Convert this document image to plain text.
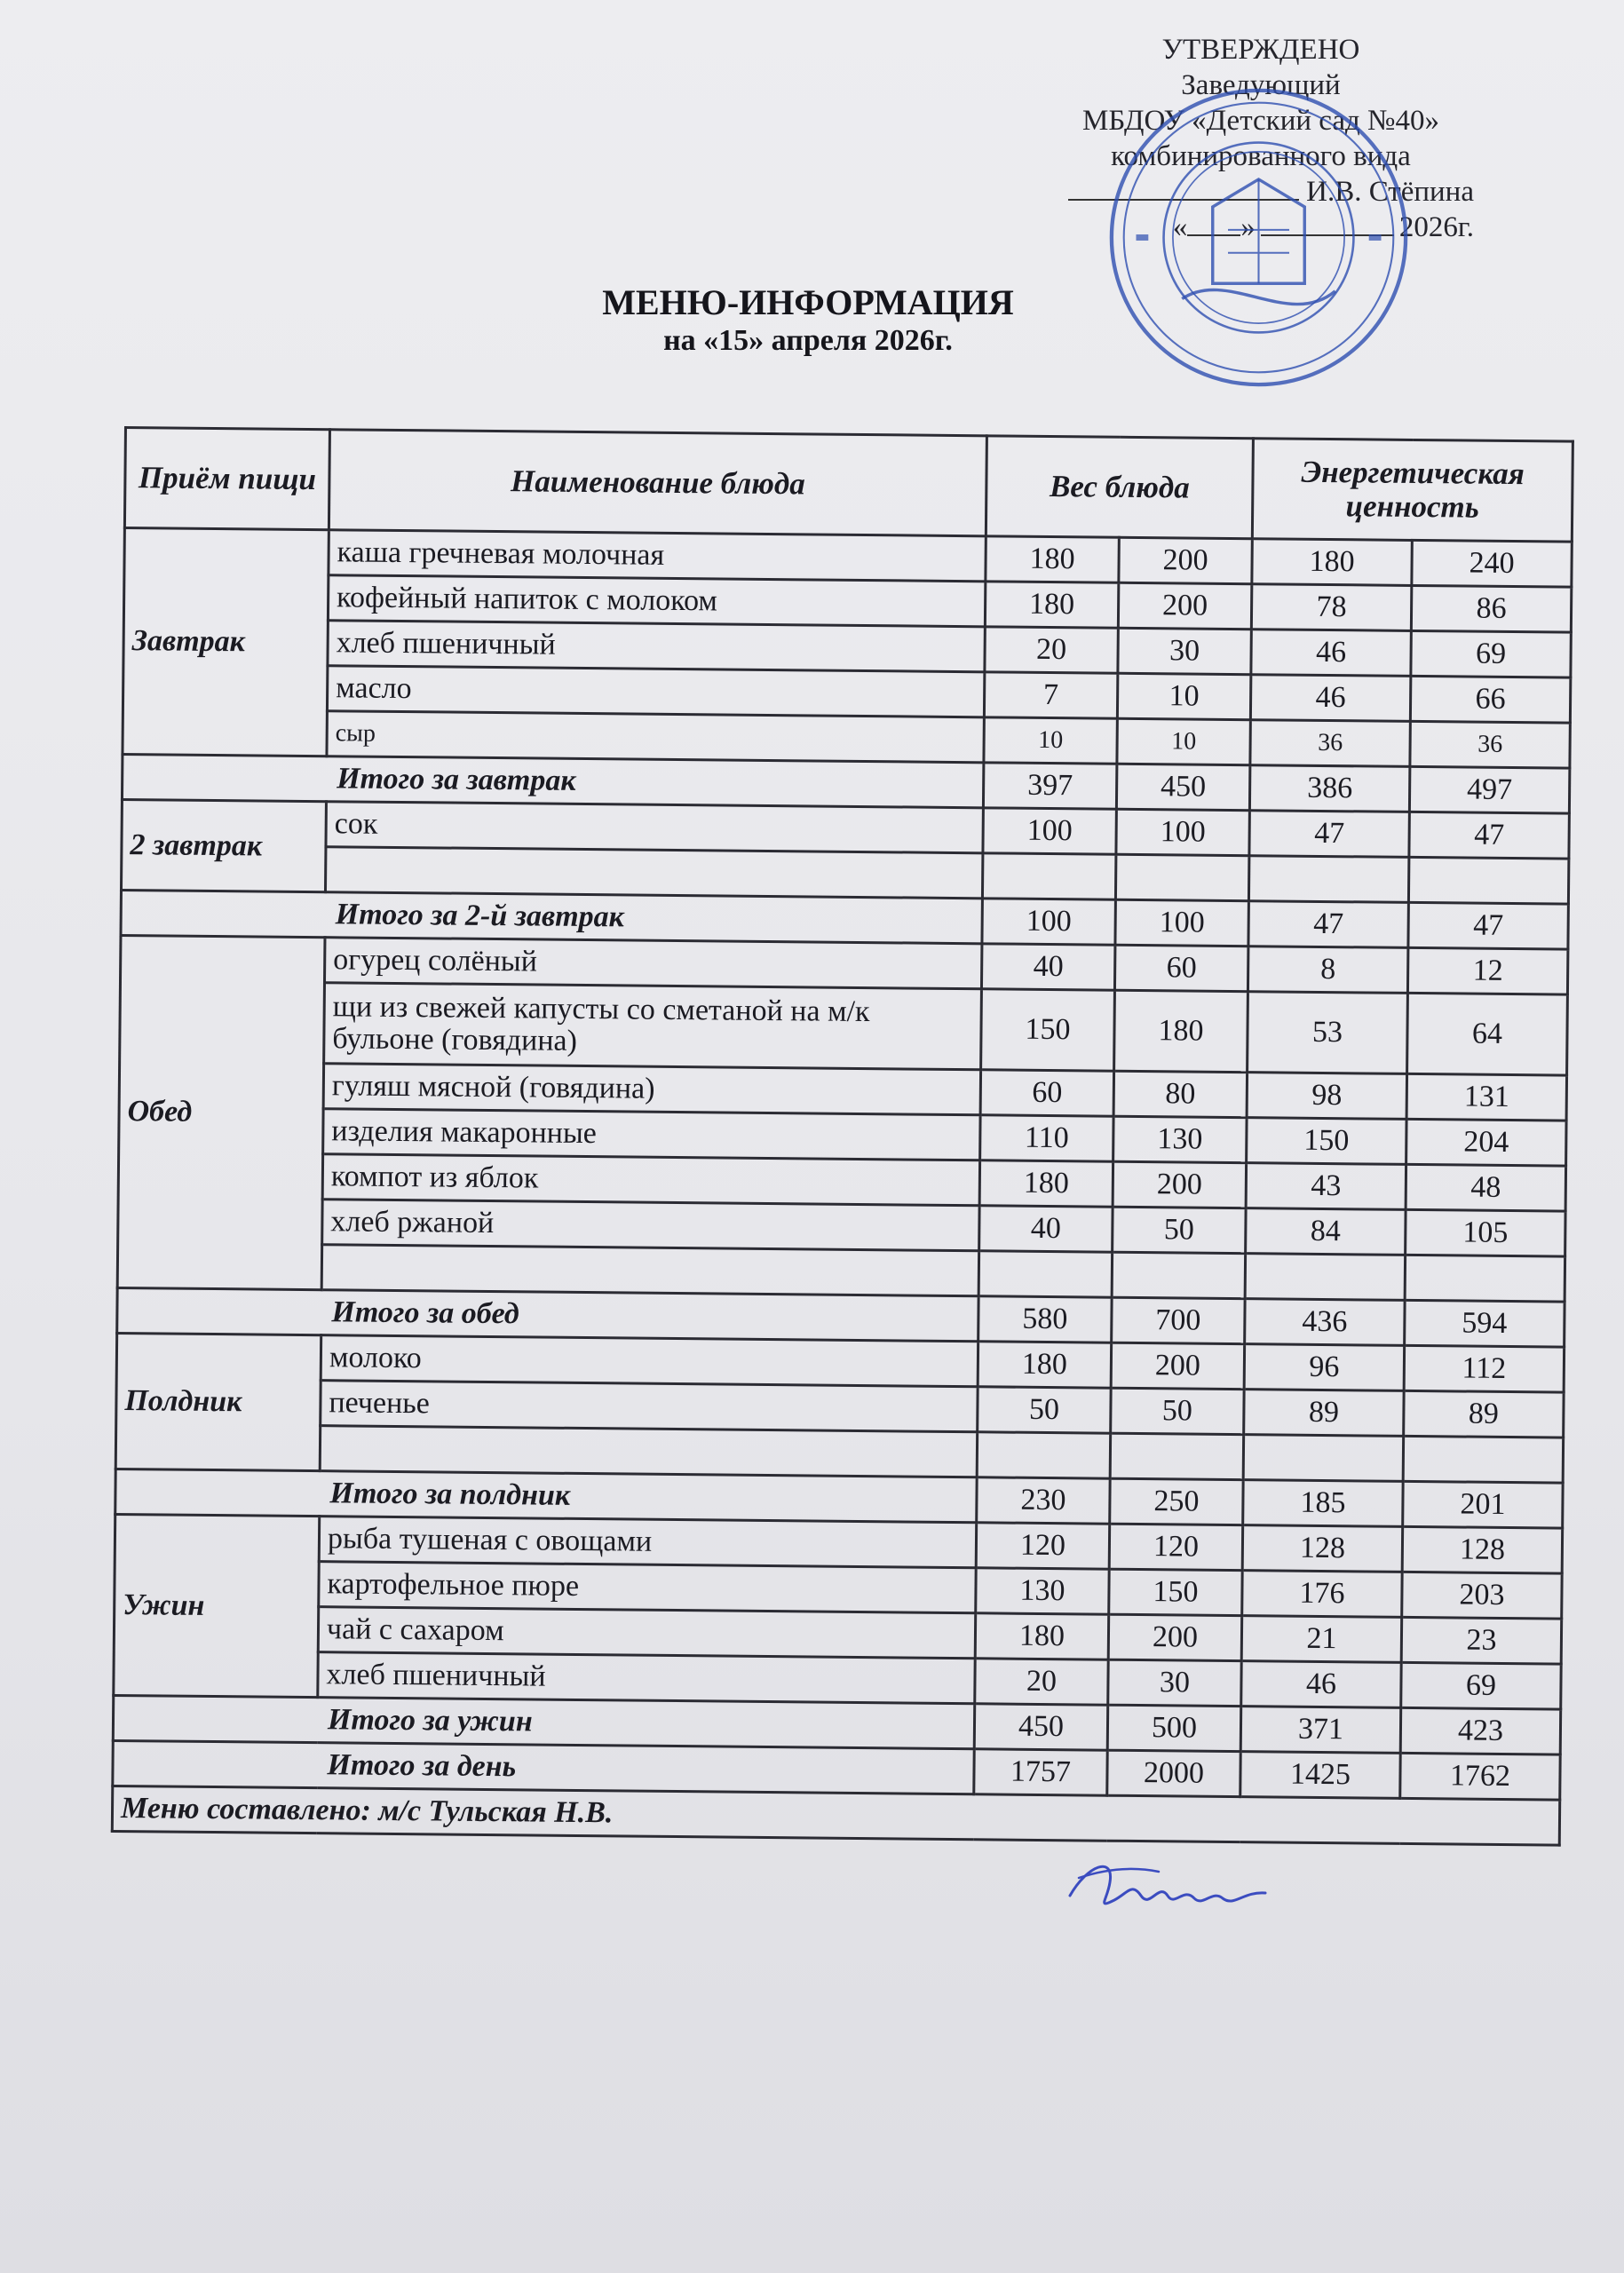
УТВЕРЖДЕНО
Заведующий
МБДОУ «Детский сад №40»
комбинированного вида
И.В. Стёпина
« »	2026г.
МЕНЮ-ИНФОРМАЦИЯ
на «15» апреля 2026г.
Приём пищи	Наименование блюда	Вес блюда		Энергетическая ценность	
Завтрак	каша гречневая молочная	180	200	180	240
	кофейный напиток с молоком	180	200	78	86
	хлеб пшеничный	20	30	46	69
	масло	7	10	46	66
	сыр	10	10	36	36
Итого за завтрак		397	450	386	497
2 завтрак	сок	100	100	47	47

Итого за 2-й завтрак		100	100	47	47
Обед	огурец солёный	40	60	8	12
	щи из свежей капусты со сметаной на м/к бульоне (говядина)	150	180	53	64
	гуляш мясной (говядина)	60	80	98	131
	изделия макаронные	110	130	150	204
	компот из яблок	180	200	43	48
	хлеб ржаной	40	50	84	105

Итого за обед		580	700	436	594
Полдник	молоко	180	200	96	112
	печенье	50	50	89	89

Итого за полдник		230	250	185	201
Ужин	рыба тушеная с овощами	120	120	128	128
	картофельное пюре	130	150	176	203
	чай с сахаром	180	200	21	23
	хлеб пшеничный	20	30	46	69
Итого за ужин		450	500	371	423
Итого за день		1757	2000	1425	1762
Меню составлено: м/с Тульская Н.В.					
